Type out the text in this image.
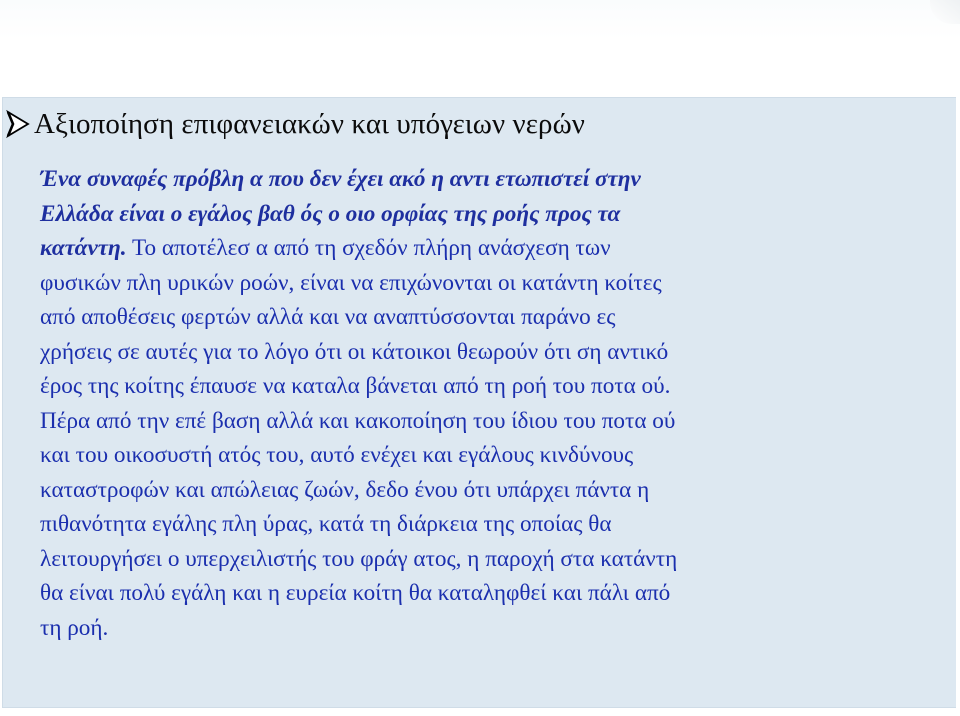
Αξιοποίηση επιφανειακών και υπόγειων νερών

Ένα συναφές πρόβλη α που δεν έχει ακό η αντι ετωπιστεί στην
Ελλάδα είναι ο εγάλος βαθ ός ο οιο ορφίας της ροής προς τα
κατάντη. Το αποτέλεσ α από τη σχεδόν πλήρη ανάσχεση των
φυσικών πλη υρικών ροών, είναι να επιχώνονται οι κατάντη κοίτες
από αποθέσεις φερτών αλλά και να αναπτύσσονται παράνο ες
χρήσεις σε αυτές για το λόγο ότι οι κάτοικοι θεωρούν ότι ση αντικό
έρος της κοίτης έπαυσε να καταλα βάνεται από τη ροή του ποτα ού.
Πέρα από την επέ βαση αλλά και κακοποίηση του ίδιου του ποτα ού
και του οικοσυστή ατός του, αυτό ενέχει και εγάλους κινδύνους
καταστροφών και απώλειας ζωών, δεδο ένου ότι υπάρχει πάντα η
πιθανότητα εγάλης πλη ύρας, κατά τη διάρκεια της οποίας θα
λειτουργήσει ο υπερχειλιστής του φράγ ατος, η παροχή στα κατάντη
θα είναι πολύ εγάλη και η ευρεία κοίτη θα καταληφθεί και πάλι από
τη ροή.
